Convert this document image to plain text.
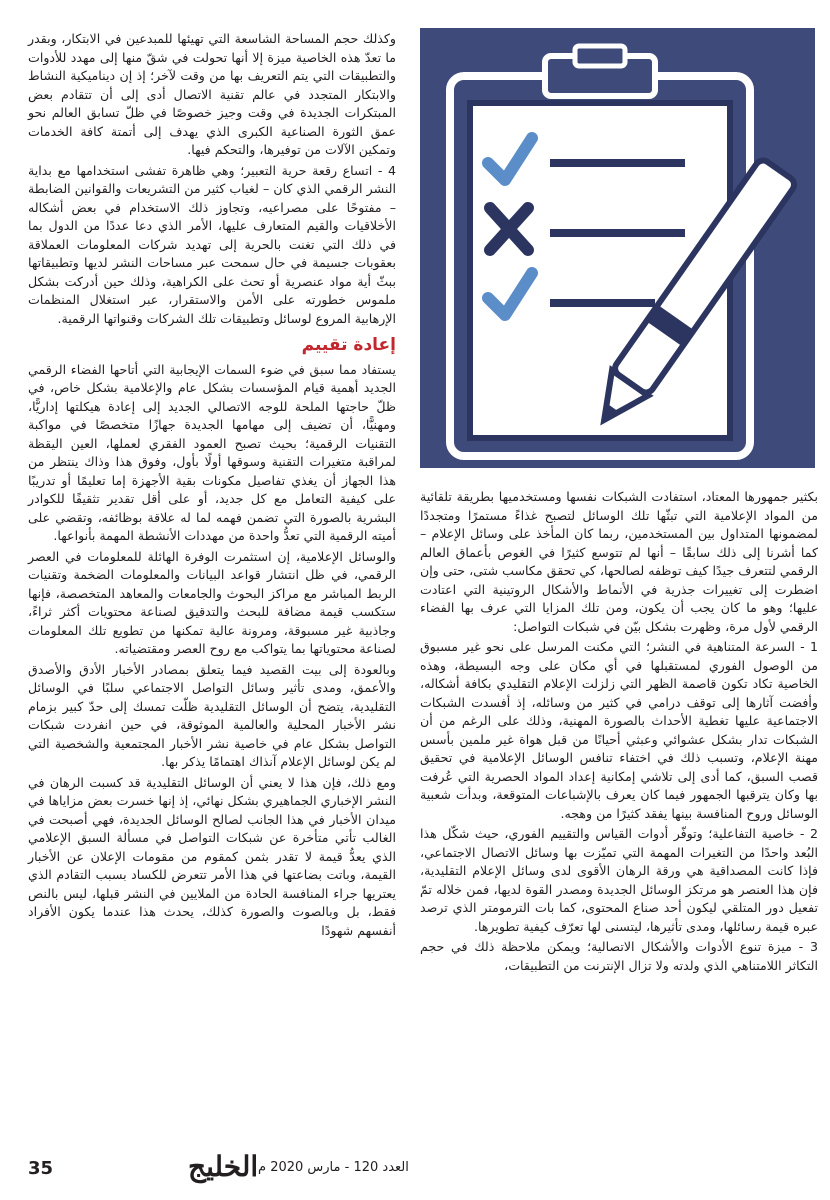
وكذلك حجم المساحة الشاسعة التي تهيئها للمبدعين في الابتكار، وبقدر ما تعدّ هذه الخاصية ميزة إلا أنها تحولت في شقّ منها إلى مهدد للأدوات والتطبيقات التي يتم التعريف بها من وقت لآخر؛ إذ إن ديناميكية النشاط والابتكار المتجدد في عالم تقنية الاتصال أدى إلى أن تتقادم بعض المبتكرات الجديدة في وقت وجيز خصوصًا في ظلّ تسابق العالم نحو عمق الثورة الصناعية الكبرى الذي يهدف إلى أتمتة كافة الخدمات وتمكين الآلات من توفيرها، والتحكم فيها.

4 - اتساع رقعة حرية التعبير؛ وهي ظاهرة تفشى استخدامها مع بداية النشر الرقمي الذي كان – لغياب كثير من التشريعات والقوانين الضابطة – مفتوحًا على مصراعيه، وتجاوز ذلك الاستخدام في بعض أشكاله الأخلاقيات والقيم المتعارف عليها، الأمر الذي دعا عددًا من الدول بما في ذلك التي تغنت بالحرية إلى تهديد شركات المعلومات العملاقة بعقوبات جسيمة في حال سمحت عبر مساحات النشر لديها وتطبيقاتها ببثّ أية مواد عنصرية أو تحث على الكراهية، وذلك حين أدركت بشكل ملموس خطورته على الأمن والاستقرار، عبر استغلال المنظمات الإرهابية المروع لوسائل وتطبيقات تلك الشركات وقنواتها الرقمية.

إعادة تقييم

يستفاد مما سبق في ضوء السمات الإيجابية التي أتاحها الفضاء الرقمي الجديد أهمية قيام المؤسسات بشكل عام والإعلامية بشكل خاص، في ظلّ حاجتها الملحة للوجه الاتصالي الجديد إلى إعادة هيكلتها إداريًّا، ومهنيًّا، أن تضيف إلى مهامها الجديدة جهازًا متخصصًا في مواكبة التقنيات الرقمية؛ بحيث تصبح العمود الفقري لعملها، العين اليقظة لمراقبة متغيرات التقنية وسوقها أولًا بأول، وفوق هذا وذاك ينتظر من هذا الجهاز أن يغذي تفاصيل مكونات بقية الأجهزة إما تعليمًا أو تدريبًا على كيفية التعامل مع كل جديد، أو على أقل تقدير تثقيفًا للكوادر البشرية بالصورة التي تضمن فهمه لما له علاقة بوظائفه، وتقضي على أميته الرقمية التي تعدُّ واحدة من مهددات الأنشطة المهمة بأنواعها.

والوسائل الإعلامية، إن استثمرت الوفرة الهائلة للمعلومات في العصر الرقمي، في ظل انتشار قواعد البيانات والمعلومات الضخمة وتقنيات الربط المباشر مع مراكز البحوث والجامعات والمعاهد المتخصصة، فإنها ستكسب قيمة مضافة للبحث والتدقيق لصناعة محتويات أكثر ثراءً، وجاذبية غير مسبوقة، ومرونة عالية تمكنها من تطويع تلك المعلومات لصناعة محتوياتها بما يتواكب مع روح العصر ومقتضياته.

وبالعودة إلى بيت القصيد فيما يتعلق بمصادر الأخبار الأدق والأصدق والأعمق، ومدى تأثير وسائل التواصل الاجتماعي سلبًا في الوسائل التقليدية، يتضح أن الوسائل التقليدية ظلّت تمسك إلى حدّ كبير بزمام نشر الأخبار المحلية والعالمية الموثوقة، في حين انفردت شبكات التواصل بشكل عام في خاصية نشر الأخبار المجتمعية والشخصية التي لم يكن لوسائل الإعلام آنذاك اهتمامًا يذكر بها.

ومع ذلك، فإن هذا لا يعني أن الوسائل التقليدية قد كسبت الرهان في النشر الإخباري الجماهيري بشكل نهائي، إذ إنها خسرت بعض مزاياها في ميدان الأخبار في هذا الجانب لصالح الوسائل الجديدة، فهي أصبحت في الغالب تأتي متأخرة عن شبكات التواصل في مسألة السبق الإعلامي الذي يعدُّ قيمة لا تقدر بثمن كمقوم من مقومات الإعلان عن الأخبار القيمة، وباتت بضاعتها في هذا الأمر تتعرض للكساد بسبب التقادم الذي يعتريها جراء المنافسة الحادة من الملايين في النشر قبلها، ليس بالنص فقط، بل وبالصوت والصورة كذلك، يحدث هذا عندما يكون الأفراد أنفسهم شهودًا

بكثير جمهورها المعتاد، استفادت الشبكات نفسها ومستخدميها بطريقة تلقائية من المواد الإعلامية التي تبثّها تلك الوسائل لتصبح غذاءً مستمرًا ومتجددًا لمضمونها المتداول بين المستخدمين، ربما كان المأخذ على وسائل الإعلام – كما أشرنا إلى ذلك سابقًا – أنها لم تتوسع كثيرًا في الغوص بأعماق العالم الرقمي لتتعرف جيدًا كيف توظفه لصالحها، كي تحقق مكاسب شتى، حتى وإن اضطرت إلى تغييرات جذرية في الأنماط والأشكال الروتينية التي اعتادت عليها؛ وهو ما كان يجب أن يكون، ومن تلك المزايا التي عرف بها الفضاء الرقمي لأول مرة، وظهرت بشكل بيّن في شبكات التواصل:

1 - السرعة المتناهية في النشر؛ التي مكنت المرسل على نحو غير مسبوق من الوصول الفوري لمستقبلها في أي مكان على وجه البسيطة، وهذه الخاصية تكاد تكون قاصمة الظهر التي زلزلت الإعلام التقليدي بكافة أشكاله، وأفضت آثارها إلى توقف درامي في كثير من وسائله، إذ أفسدت الشبكات الاجتماعية عليها تغطية الأحداث بالصورة المهنية، وذلك على الرغم من أن الشبكات تدار بشكل عشوائي وعبثي أحيانًا من قبل هواة غير ملمين بأسس مهنة الإعلام، وتسبب ذلك في اختفاء تنافس الوسائل الإعلامية في تحقيق قصب السبق، كما أدى إلى تلاشي إمكانية إعداد المواد الحصرية التي عُرفت بها وكان يترقبها الجمهور فيما كان يعرف بالإشباعات المتوقعة، وبدأت شعبية الوسائل وروح المنافسة بينها يفقد كثيرًا من وهجه.

2 - خاصية التفاعلية؛ وتوفّر أدوات القياس والتقييم الفوري، حيث شكّل هذا البُعد واحدًا من التغيرات المهمة التي تميّزت بها وسائل الاتصال الاجتماعي، فإذا كانت المصداقية هي ورقة الرهان الأقوى لدى وسائل الإعلام التقليدية، فإن هذا العنصر هو مرتكز الوسائل الجديدة ومصدر القوة لديها، فمن خلاله تمّ تفعيل دور المتلقي ليكون أحد صناع المحتوى، كما بات الترمومتر الذي ترصد عبره قيمة رسائلها، ومدى تأثيرها، ليتسنى لها تعرّف كيفية تطويرها.

3 - ميزة تنوع الأدوات والأشكال الاتصالية؛ ويمكن ملاحظة ذلك في حجم التكاثر اللامتناهي الذي ولدته ولا تزال الإنترنت من التطبيقات،

الخليج العدد 120 - مارس 2020 م
35
